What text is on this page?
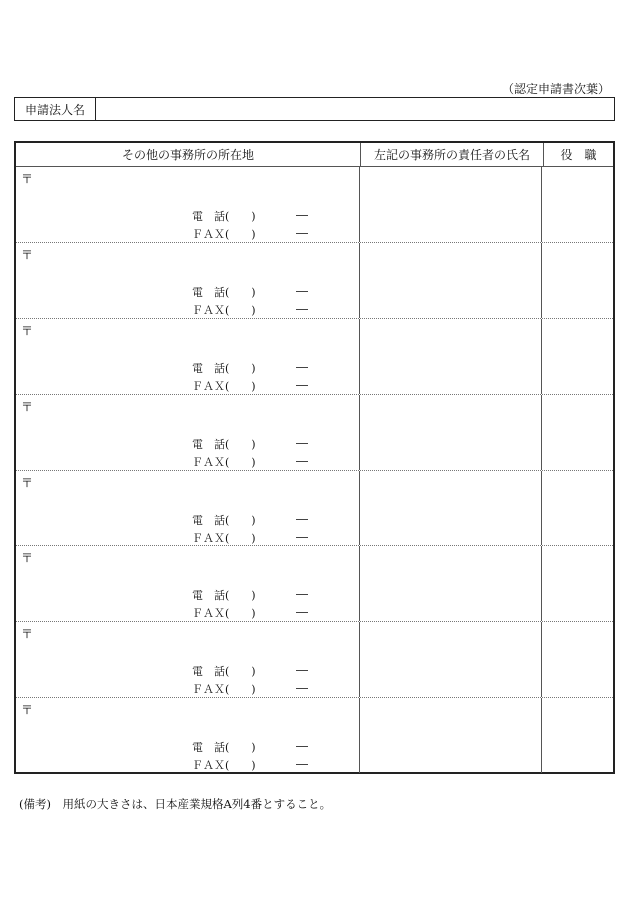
（認定申請書次葉）
申請法人名
その他の事務所の所在地	左記の事務所の責任者の氏名	役　職
〒
電　話(　　)
ＦＡＸ(　　)
〒
電　話(　　)
ＦＡＸ(　　)
〒
電　話(　　)
ＦＡＸ(　　)
〒
電　話(　　)
ＦＡＸ(　　)
〒
電　話(　　)
ＦＡＸ(　　)
〒
電　話(　　)
ＦＡＸ(　　)
〒
電　話(　　)
ＦＡＸ(　　)
〒
電　話(　　)
ＦＡＸ(　　)
(備考)　用紙の大きさは、日本産業規格A列4番とすること。
